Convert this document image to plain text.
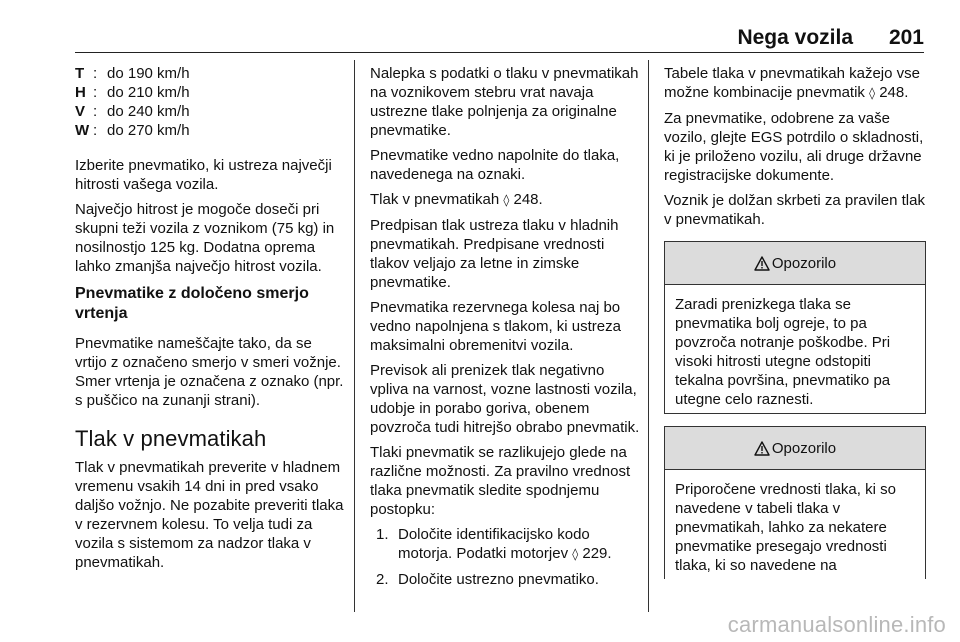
Nega vozila 201
T : do 190 km/h
H : do 210 km/h
V : do 240 km/h
W : do 270 km/h

Izberite pnevmatiko, ki ustreza največji hitrosti vašega vozila.

Največjo hitrost je mogoče doseči pri skupni teži vozila z voznikom (75 kg) in nosilnostjo 125 kg. Dodatna oprema lahko zmanjša največjo hitrost vozila.

Pnevmatike z določeno smerjo vrtenja

Pnevmatike nameščajte tako, da se vrtijo z označeno smerjo v smeri vožnje. Smer vrtenja je označena z oznako (npr. s puščico na zunanji strani).

Tlak v pnevmatikah

Tlak v pnevmatikah preverite v hladnem vremenu vsakih 14 dni in pred vsako daljšo vožnjo. Ne pozabite preveriti tlaka v rezervnem kolesu. To velja tudi za vozila s sistemom za nadzor tlaka v pnevmatikah.

Nalepka s podatki o tlaku v pnevmatikah na voznikovem stebru vrat navaja ustrezne tlake polnjenja za originalne pnevmatike.

Pnevmatike vedno napolnite do tlaka, navedenega na oznaki.

Tlak v pnevmatikah ◊ 248.

Predpisan tlak ustreza tlaku v hladnih pnevmatikah. Predpisane vrednosti tlakov veljajo za letne in zimske pnevmatike.

Pnevmatika rezervnega kolesa naj bo vedno napolnjena s tlakom, ki ustreza maksimalni obremenitvi vozila.

Previsok ali prenizek tlak negativno vpliva na varnost, vozne lastnosti vozila, udobje in porabo goriva, obenem povzroča tudi hitrejšo obrabo pnevmatik.

Tlaki pnevmatik se razlikujejo glede na različne možnosti. Za pravilno vrednost tlaka pnevmatik sledite spodnjemu postopku:

1. Določite identifikacijsko kodo motorja. Podatki motorjev ◊ 229.
2. Določite ustrezno pnevmatiko.

Tabele tlaka v pnevmatikah kažejo vse možne kombinacije pnevmatik ◊ 248.

Za pnevmatike, odobrene za vaše vozilo, glejte EGS potrdilo o skladnosti, ki je priloženo vozilu, ali druge državne registracijske dokumente.

Voznik je dolžan skrbeti za pravilen tlak v pnevmatikah.

Opozorilo
Zaradi prenizkega tlaka se pnevmatika bolj ogreje, to pa povzroča notranje poškodbe. Pri visoki hitrosti utegne odstopiti tekalna površina, pnevmatiko pa utegne celo raznesti.
Opozorilo
Priporočene vrednosti tlaka, ki so navedene v tabeli tlaka v pnevmatikah, lahko za nekatere pnevmatike presegajo vrednosti tlaka, ki so navedene na
carmanualsonline.info
